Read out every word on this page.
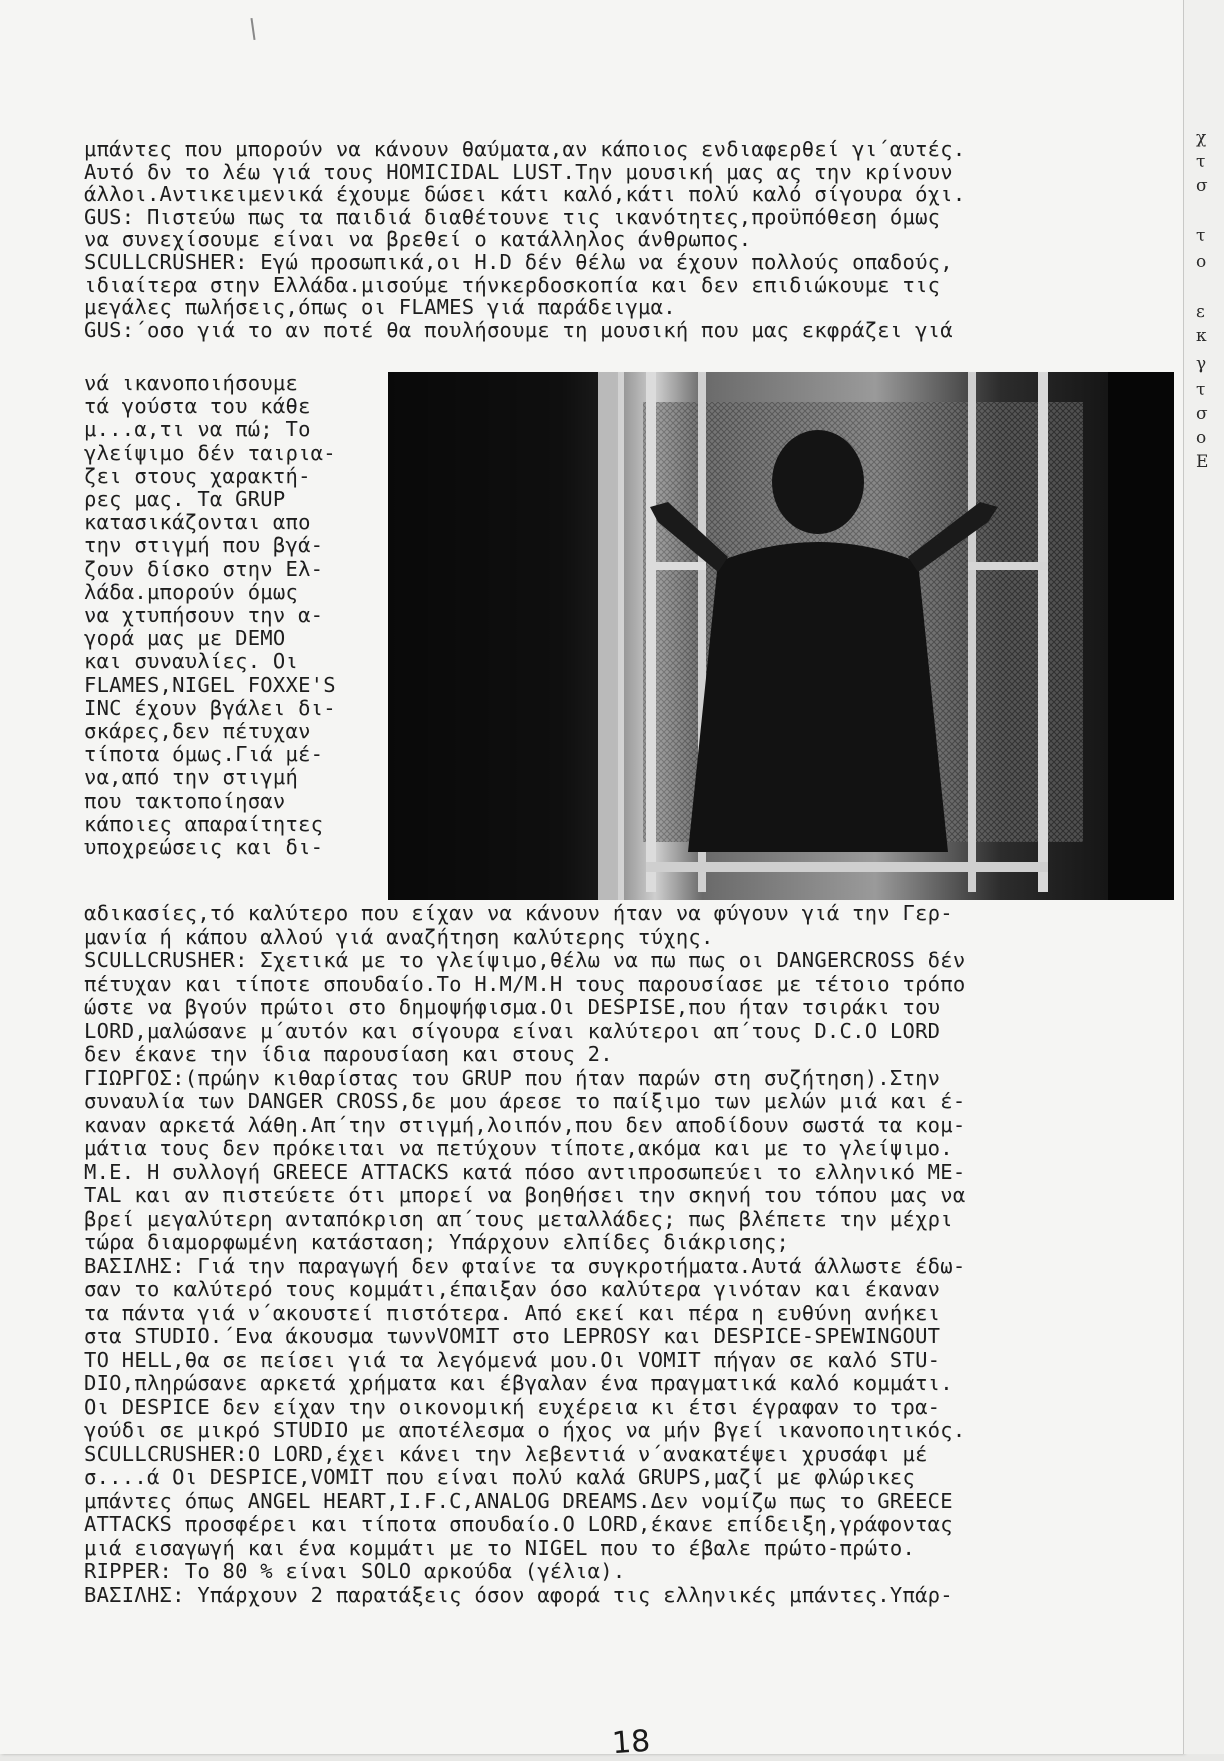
μπάντες που μπορούν να κάνουν θαύματα,αν κάποιος ενδιαφερθεί γι΄αυτές.
Αυτό δν το λέω γιά τους HOMICIDAL LUST.Την μουσική μας ας την κρίνουν
άλλοι.Αντικειμενικά έχουμε δώσει κάτι καλό,κάτι πολύ καλό σίγουρα όχι.
GUS: Πιστεύω πως τα παιδιά διαθέτουνε τις ικανότητες,προϋπόθεση όμως
να συνεχίσουμε είναι να βρεθεί ο κατάλληλος άνθρωπος.
SCULLCRUSHER: Εγώ προσωπικά,οι H.D δέν θέλω να έχουν πολλούς οπαδούς,
ιδιαίτερα στην Ελλάδα.μισούμε τήνκερδοσκοπία και δεν επιδιώκουμε τις
μεγάλες πωλήσεις,όπως οι FLAMES γιά παράδειγμα.
GUS:΄οσο γιά το αν ποτέ θα πουλήσουμε τη μουσική που μας εκφράζει γιά
νά ικανοποιήσουμε
τά γούστα του κάθε
μ...α,τι να πώ; Το
γλείψιμο δέν ταιρια-
ζει στους χαρακτή-
ρες μας. Τα GRUP
κατασικάζονται απο
την στιγμή που βγά-
ζουν δίσκο στην Ελ-
λάδα.μπορούν όμως
να χτυπήσουν την α-
γορά μας με DEMO
και συναυλίες. Οι
FLAMES,NIGEL FOXXE'S
INC έχουν βγάλει δι-
σκάρες,δεν πέτυχαν
τίποτα όμως.Γιά μέ-
να,από την στιγμή
που τακτοποίησαν
κάποιες απαραίτητες
υποχρεώσεις και δι-
αδικασίες,τό καλύτερο που είχαν να κάνουν ήταν να φύγουν γιά την Γερ-
μανία ή κάπου αλλού γιά αναζήτηση καλύτερης τύχης.
SCULLCRUSHER: Σχετικά με το γλείψιμο,θέλω να πω πως οι DANGERCROSS δέν
πέτυχαν και τίποτε σπουδαίο.Το H.M/M.H τους παρουσίασε με τέτοιο τρόπο
ώστε να βγούν πρώτοι στο δημοψήφισμα.Οι DESPISE,που ήταν τσιράκι του
LORD,μαλώσανε μ΄αυτόν και σίγουρα είναι καλύτεροι απ΄τους D.C.O LORD
δεν έκανε την ίδια παρουσίαση και στους 2.
ΓΙΩΡΓΟΣ:(πρώην κιθαρίστας του GRUP που ήταν παρών στη συζήτηση).Στην
συναυλία των DANGER CROSS,δε μου άρεσε το παίξιμο των μελών μιά και έ-
καναν αρκετά λάθη.Απ΄την στιγμή,λοιπόν,που δεν αποδίδουν σωστά τα κομ-
μάτια τους δεν πρόκειται να πετύχουν τίποτε,ακόμα και με το γλείψιμο.
M.E. Η συλλογή GREECE ATTACKS κατά πόσο αντιπροσωπεύει το ελληνικό ME-
TAL και αν πιστεύετε ότι μπορεί να βοηθήσει την σκηνή του τόπου μας να
βρεί μεγαλύτερη ανταπόκριση απ΄τους μεταλλάδες; πως βλέπετε την μέχρι
τώρα διαμορφωμένη κατάσταση; Υπάρχουν ελπίδες διάκρισης;
ΒΑΣΙΛΗΣ: Γιά την παραγωγή δεν φταίνε τα συγκροτήματα.Αυτά άλλωστε έδω-
σαν το καλύτερό τους κομμάτι,έπαιξαν όσο καλύτερα γινόταν και έκαναν
τα πάντα γιά ν΄ακουστεί πιστότερα. Από εκεί και πέρα η ευθύνη ανήκει
στα STUDIO.΄Ενα άκουσμα τωννVOMIT στο LEPROSY και DESPICE-SPEWINGOUT
TO HELL,θα σε πείσει γιά τα λεγόμενά μου.Οι VOMIT πήγαν σε καλό STU-
DIO,πληρώσανε αρκετά χρήματα και έβγαλαν ένα πραγματικά καλό κομμάτι.
Οι DESPICE δεν είχαν την οικονομική ευχέρεια κι έτσι έγραφαν το τρα-
γούδι σε μικρό STUDIO με αποτέλεσμα ο ήχος να μήν βγεί ικανοποιητικός.
SCULLCRUSHER:Ο LORD,έχει κάνει την λεβεντιά ν΄ανακατέψει χρυσάφι μέ
σ....ά Οι DESPICE,VOMIT που είναι πολύ καλά GRUPS,μαζί με φλώρικες
μπάντες όπως ANGEL HEART,I.F.C,ANALOG DREAMS.Δεν νομίζω πως το GREECE
ATTACKS προσφέρει και τίποτα σπουδαίο.Ο LORD,έκανε επίδειξη,γράφοντας
μιά εισαγωγή και ένα κομμάτι με το NIGEL που το έβαλε πρώτο-πρώτο.
RIPPER: Το 80 % είναι SOLO αρκούδα (γέλια).
ΒΑΣΙΛΗΣ: Υπάρχουν 2 παρατάξεις όσον αφορά τις ελληνικές μπάντες.Υπάρ-
18
χ
τ
σ
τ
ο
ε
κ
γ
τ
σ
ο
Ε
